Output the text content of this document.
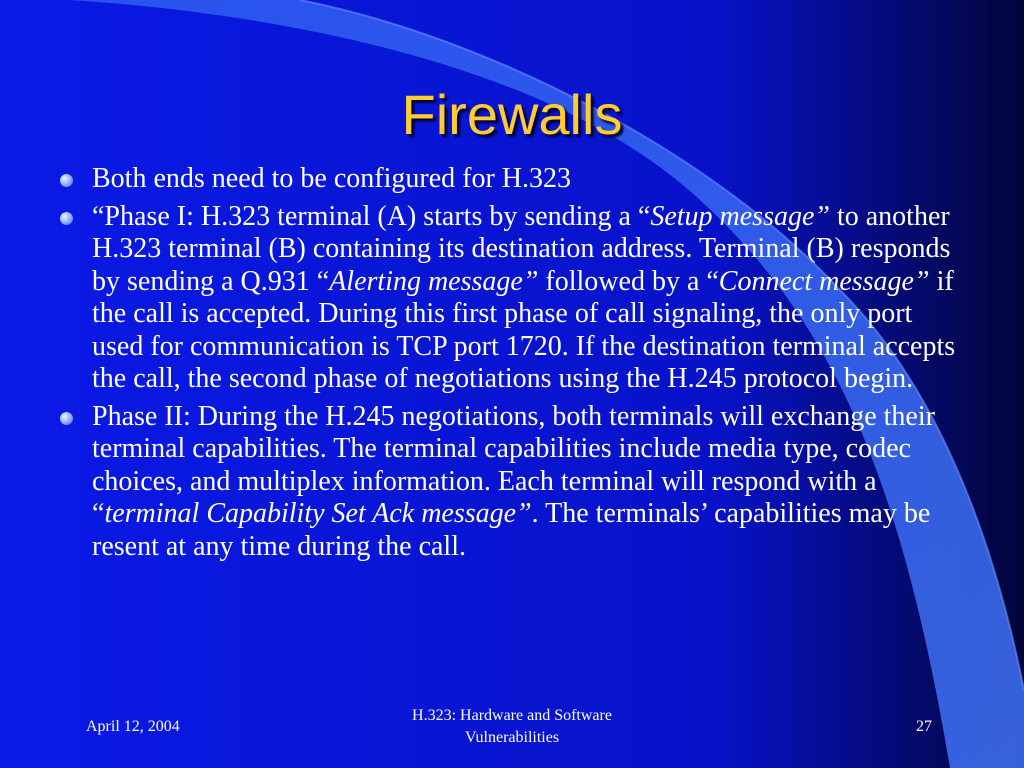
Firewalls
Both ends need to be configured for H.323
“Phase I: H.323 terminal (A) starts by sending a “Setup message” to another H.323 terminal (B) containing its destination address. Terminal (B) responds by sending a Q.931 “Alerting message” followed by a “Connect message” if the call is accepted. During this first phase of call signaling, the only port used for communication is TCP port 1720. If the destination terminal accepts the call, the second phase of negotiations using the H.245 protocol begin.
Phase II: During the H.245 negotiations, both terminals will exchange their terminal capabilities. The terminal capabilities include media type, codec choices, and multiplex information. Each terminal will respond with a “terminal Capability Set Ack message”. The terminals’ capabilities may be resent at any time during the call.
April 12, 2004
H.323: Hardware and Software
Vulnerabilities
27
